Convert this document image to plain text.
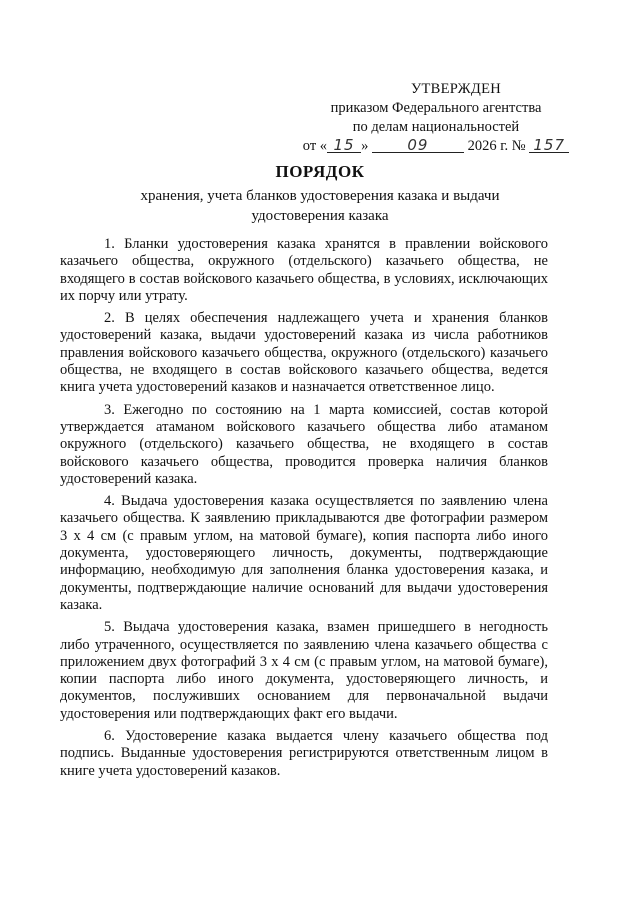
УТВЕРЖДЕН
приказом Федерального агентства
по делам национальностей
от « 15 »	09	2026 г. № 157
ПОРЯДОК
хранения, учета бланков удостоверения казака и выдачи удостоверения казака

1. Бланки удостоверения казака хранятся в правлении войскового казачьего общества, окружного (отдельского) казачьего общества, не входящего в состав войскового казачьего общества, в условиях, исключающих их порчу или утрату.

2. В целях обеспечения надлежащего учета и хранения бланков удостоверений казака, выдачи удостоверений казака из числа работников правления войскового казачьего общества, окружного (отдельского) казачьего общества, не входящего в состав войскового казачьего общества, ведется книга учета удостоверений казаков и назначается ответственное лицо.

3. Ежегодно по состоянию на 1 марта комиссией, состав которой утверждается атаманом войскового казачьего общества либо атаманом окружного (отдельского) казачьего общества, не входящего в состав войскового казачьего общества, проводится проверка наличия бланков удостоверений казака.

4. Выдача удостоверения казака осуществляется по заявлению члена казачьего общества. К заявлению прикладываются две фотографии размером 3 х 4 см (с правым углом, на матовой бумаге), копия паспорта либо иного документа, удостоверяющего личность, документы, подтверждающие информацию, необходимую для заполнения бланка удостоверения казака, и документы, подтверждающие наличие оснований для выдачи удостоверения казака.

5. Выдача удостоверения казака, взамен пришедшего в негодность либо утраченного, осуществляется по заявлению члена казачьего общества с приложением двух фотографий 3 х 4 см (с правым углом, на матовой бумаге), копии паспорта либо иного документа, удостоверяющего личность, и документов, послуживших основанием для первоначальной выдачи удостоверения или подтверждающих факт его выдачи.

6. Удостоверение казака выдается члену казачьего общества под подпись. Выданные удостоверения регистрируются ответственным лицом в книге учета удостоверений казаков.
